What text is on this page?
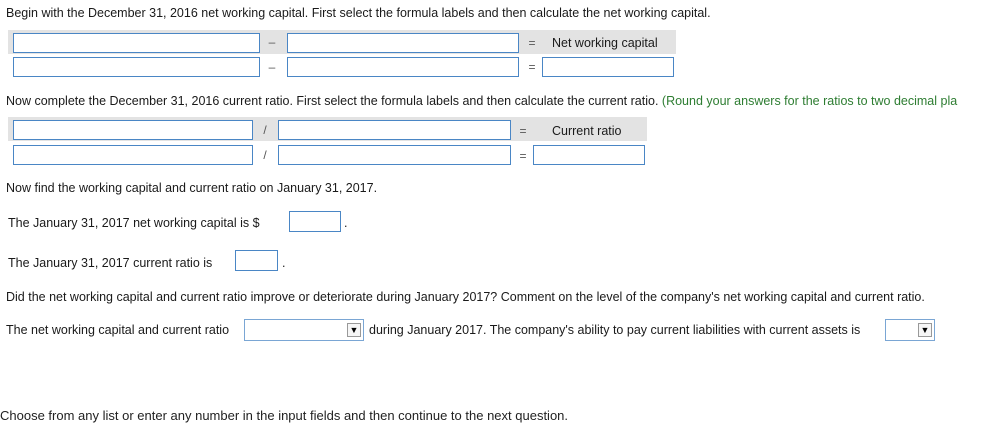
Begin with the December 31, 2016 net working capital. First select the formula labels and then calculate the net working capital.
–	= Net working capital
–	=
Now complete the December 31, 2016 current ratio. First select the formula labels and then calculate the current ratio. (Round your answers for the ratios to two decimal pla
/	= Current ratio
/	=
Now find the working capital and current ratio on January 31, 2017.
The January 31, 2017 net working capital is $	.
The January 31, 2017 current ratio is	.
Did the net working capital and current ratio improve or deteriorate during January 2017? Comment on the level of the company's net working capital and current ratio.
The net working capital and current ratio	▼ during January 2017. The company's ability to pay current liabilities with current assets is	▼
Choose from any list or enter any number in the input fields and then continue to the next question.
